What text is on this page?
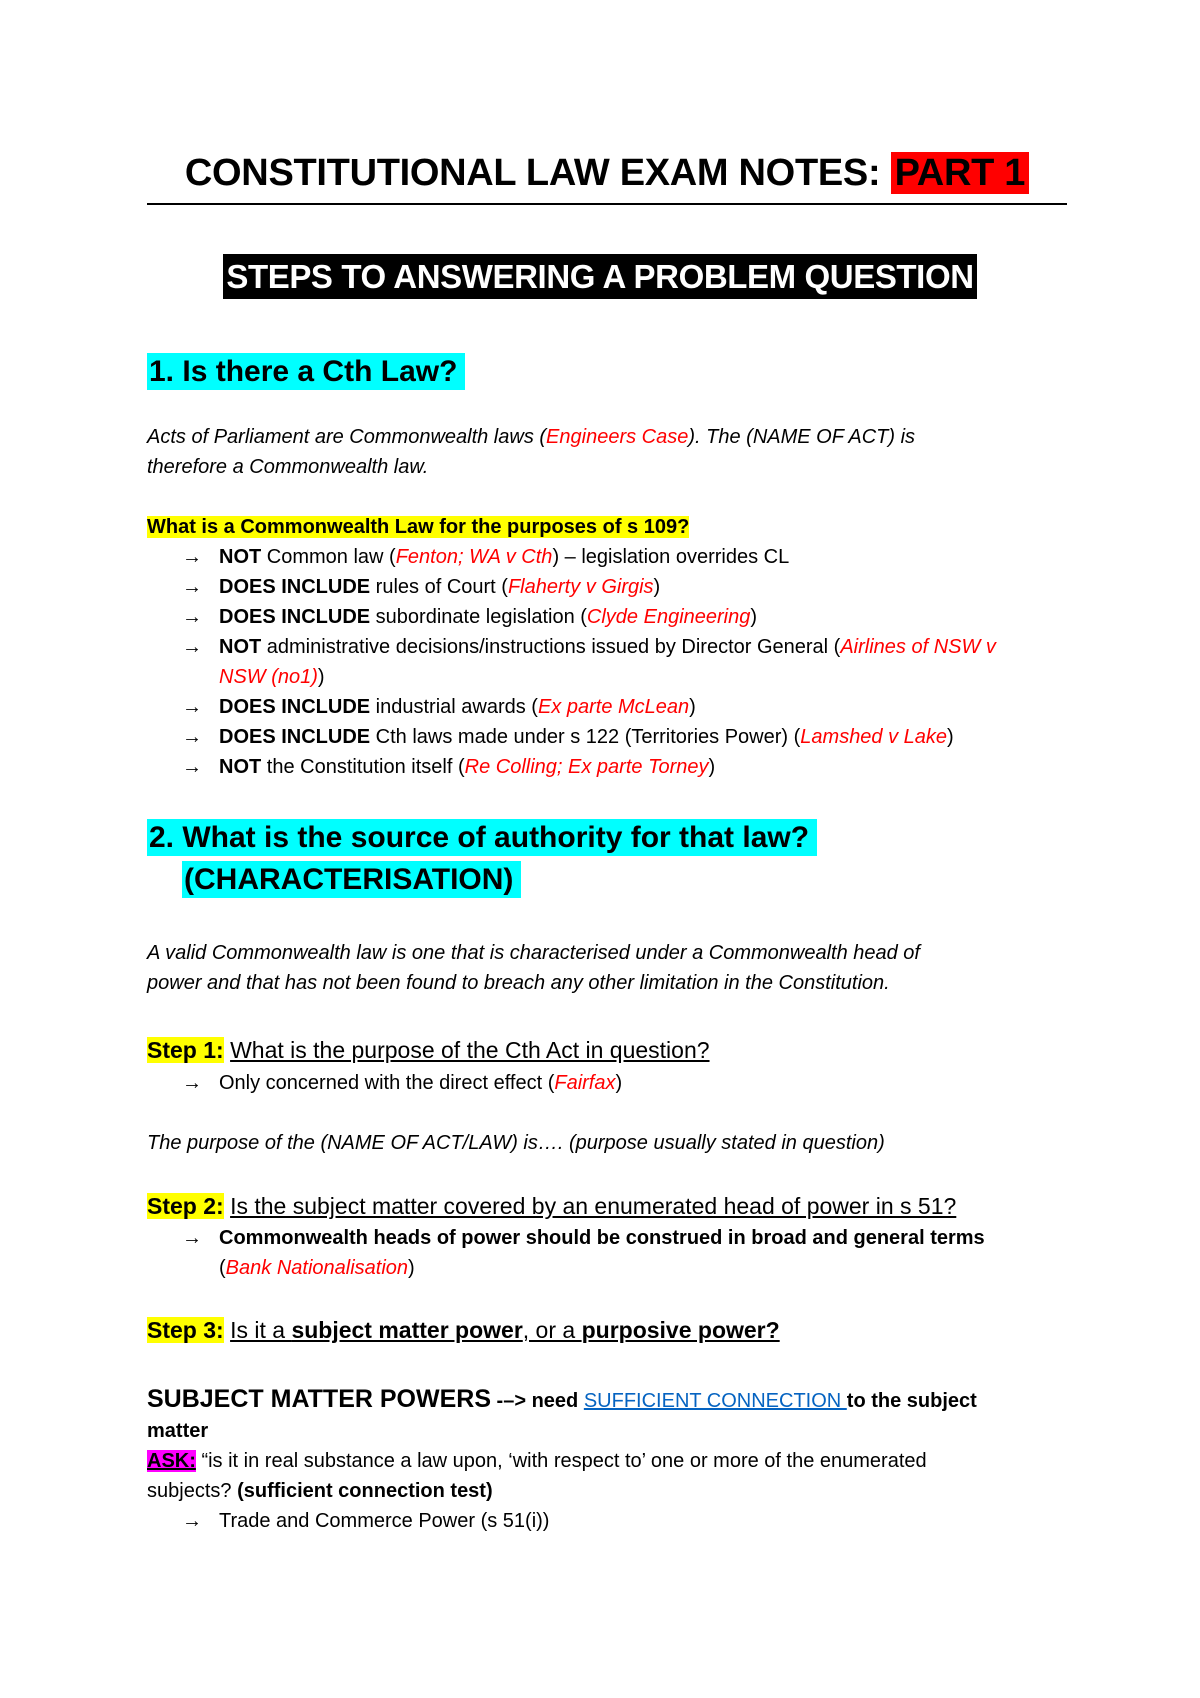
CONSTITUTIONAL LAW EXAM NOTES: PART 1
STEPS TO ANSWERING A PROBLEM QUESTION
1. Is there a Cth Law?
Acts of Parliament are Commonwealth laws (Engineers Case). The (NAME OF ACT) is
therefore a Commonwealth law.
What is a Commonwealth Law for the purposes of s 109?
→ NOT Common law (Fenton; WA v Cth) – legislation overrides CL
→ DOES INCLUDE rules of Court (Flaherty v Girgis)
→ DOES INCLUDE subordinate legislation (Clyde Engineering)
→ NOT administrative decisions/instructions issued by Director General (Airlines of NSW v NSW (no1))
→ DOES INCLUDE industrial awards (Ex parte McLean)
→ DOES INCLUDE Cth laws made under s 122 (Territories Power) (Lamshed v Lake)
→ NOT the Constitution itself (Re Colling; Ex parte Torney)
2. What is the source of authority for that law?
(CHARACTERISATION)
A valid Commonwealth law is one that is characterised under a Commonwealth head of
power and that has not been found to breach any other limitation in the Constitution.
Step 1: What is the purpose of the Cth Act in question?
→ Only concerned with the direct effect (Fairfax)
The purpose of the (NAME OF ACT/LAW) is…. (purpose usually stated in question)
Step 2: Is the subject matter covered by an enumerated head of power in s 51?
→ Commonwealth heads of power should be construed in broad and general terms
(Bank Nationalisation)
Step 3: Is it a subject matter power, or a purposive power?
SUBJECT MATTER POWERS -–> need SUFFICIENT CONNECTION to the subject
matter
ASK: “is it in real substance a law upon, ‘with respect to’ one or more of the enumerated
subjects? (sufficient connection test)
→ Trade and Commerce Power (s 51(i))
